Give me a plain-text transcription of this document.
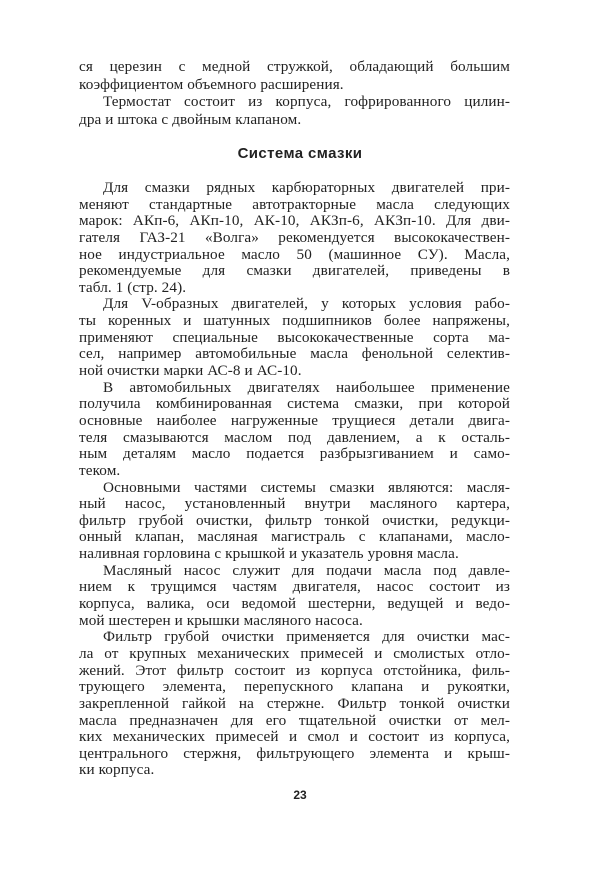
ся церезин с медной стружкой, обладающий большим
коэффициентом объемного расширения.
Термостат состоит из корпуса, гофрированного цилин-
дра и штока с двойным клапаном.
Система смазки
Для смазки рядных карбюраторных двигателей при-
меняют стандартные автотракторные масла следующих
марок: АКп-6, АКп-10, АК-10, АКЗп-6, АКЗп-10. Для дви-
гателя ГАЗ-21 «Волга» рекомендуется высококачествен-
ное индустриальное масло 50 (машинное СУ). Масла,
рекомендуемые для смазки двигателей, приведены в
табл. 1 (стр. 24).
Для V-образных двигателей, у которых условия рабо-
ты коренных и шатунных подшипников более напряжены,
применяют специальные высококачественные сорта ма-
сел, например автомобильные масла фенольной селектив-
ной очистки марки АС-8 и АС-10.
В автомобильных двигателях наибольшее применение
получила комбинированная система смазки, при которой
основные наиболее нагруженные трущиеся детали двига-
теля смазываются маслом под давлением, а к осталь-
ным деталям масло подается разбрызгиванием и само-
теком.
Основными частями системы смазки являются: масля-
ный насос, установленный внутри масляного картера,
фильтр грубой очистки, фильтр тонкой очистки, редукци-
онный клапан, масляная магистраль с клапанами, масло-
наливная горловина с крышкой и указатель уровня масла.
Масляный насос служит для подачи масла под давле-
нием к трущимся частям двигателя, насос состоит из
корпуса, валика, оси ведомой шестерни, ведущей и ведо-
мой шестерен и крышки масляного насоса.
Фильтр грубой очистки применяется для очистки мас-
ла от крупных механических примесей и смолистых отло-
жений. Этот фильтр состоит из корпуса отстойника, филь-
трующего элемента, перепускного клапана и рукоятки,
закрепленной гайкой на стержне. Фильтр тонкой очистки
масла предназначен для его тщательной очистки от мел-
ких механических примесей и смол и состоит из корпуса,
центрального стержня, фильтрующего элемента и крыш-
ки корпуса.
23
